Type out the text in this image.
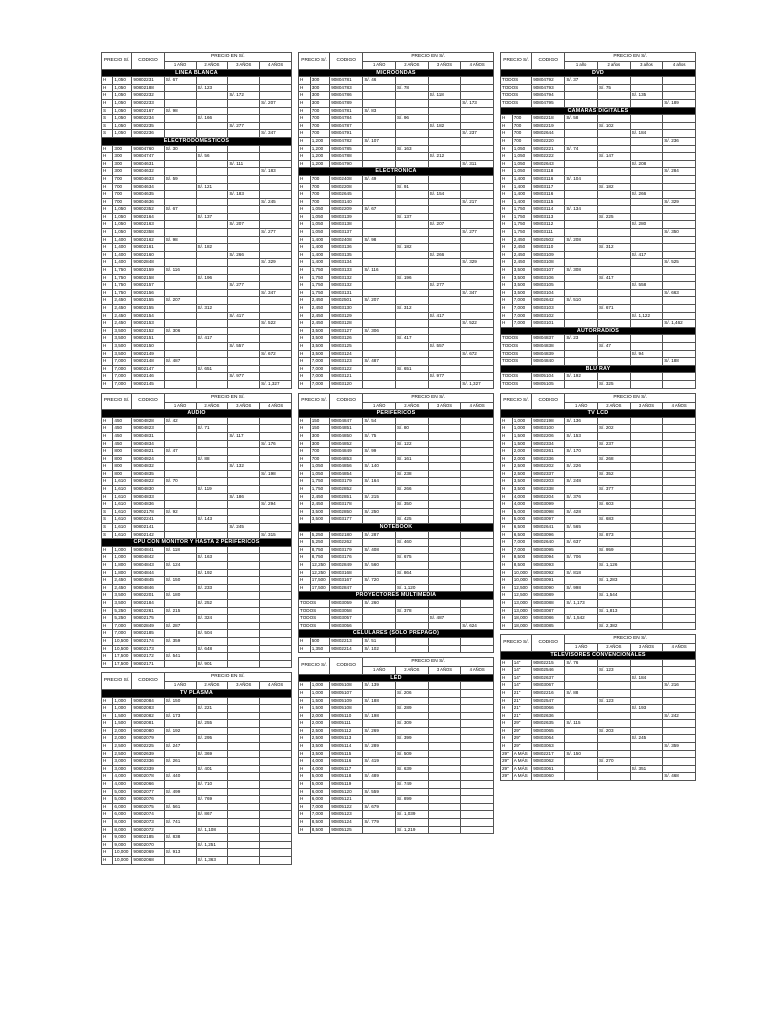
PRECIO S/.		CODIGO	PRECIO EN S/.			
			1 AÑO	2 AÑOS	3 AÑOS	4 AÑOS
LÍNEA BLANCA						
H	1,050	90802231	S/. 67			
H	1,050	90802188		S/. 123		
H	1,050	90802232			S/. 172	
H	1,050	90802233				S/. 207
S	1,050	90802167	S/. 98			
S	1,050	90802234		S/. 166		
S	1,050	90802235			S/. 277	
S	1,050	90802236				S/. 347
ELECTRODOMÉSTICOS						
H	300	90804760	S/. 30			
H	300	90804747		S/. 56		
H	300	90804631			S/. 111	
H	300	90804632				S/. 183
H	700	90804633	S/. 59			
H	700	90804634		S/. 121		
H	700	90804635			S/. 183	
H	700	90804636				S/. 245
H	1,050	90802352	S/. 67			
H	1,050	90802164		S/. 137		
H	1,050	90802163			S/. 207	
H	1,050	90802358				S/. 277
H	1,400	90802162	S/. 98			
H	1,400	90802161		S/. 182		
H	1,400	90802160			S/. 266	
H	1,400	90802848				S/. 329
H	1,750	90802159	S/. 116			
H	1,750	90802158		S/. 196		
H	1,750	90802157			S/. 277	
H	1,750	90802156				S/. 347
H	2,450	90802155	S/. 207			
H	2,450	90802155		S/. 312		
H	2,450	90802154			S/. 417	
H	2,450	90802153				S/. 522
H	3,500	90802152	S/. 306			
H	3,500	90802151		S/. 417		
H	3,500	90802150			S/. 557	
H	3,500	90802149				S/. 672
H	7,000	90802148	S/. 487			
H	7,000	90802147		S/. 651		
H	7,000	90802146			S/. 977	
H	7,000	90802145				S/. 1,327
PRECIO S/.		CODIGO	PRECIO EN S/.			
			1 AÑO	2 AÑOS	3 AÑOS	4 AÑOS
AUDIO						
H	450	90804828	S/. 42			
H	450	90804823		S/. 71		
H	450	90804831			S/. 117	
H	450	90804834				S/. 176
H	800	90804821	S/. 47			
H	800	90804824		S/. 88		
H	800	90804832			S/. 132	
H	800	90804835				S/. 198
H	1,610	90804822	S/. 70			
H	1,610	90804830		S/. 119		
H	1,610	90804833			S/. 186	
H	1,610	90804836				S/. 294
S	1,610	90802178	S/. 92			
S	1,610	90802241		S/. 143		
S	1,610	90802141			S/. 245	
S	1,610	90802142				S/. 315
CPU CON MONITOR Y HASTA 2 PERIFÉRICOS						
H	1,000	90804841	S/. 118			
H	1,000	90804842		S/. 163		
H	1,800	90804843	S/. 124			
H	1,800	90804844		S/. 192		
H	2,450	90804845	S/. 150			
H	2,450	90804846		S/. 233		
H	3,500	90802201	S/. 180			
H	3,500	90802184		S/. 252		
H	5,250	90802261	S/. 215			
H	5,250	90802175		S/. 324		
H	7,000	90802849	S/. 287			
H	7,000	90802185		S/. 504		
H	10,500	90802174	S/. 359			
H	10,500	90802173		S/. 648		
H	17,500	90802172	S/. 541			
H	17,500	90802171		S/. 901		
PRECIO S/.		CODIGO	PRECIO EN S/.			
			1 AÑO	2 AÑOS	3 AÑOS	4 AÑOS
TV PLASMA						
H	1,000	90802084	S/. 150			
H	1,000	90802083		S/. 221		
H	1,500	90802082	S/. 173			
H	1,500	90802081		S/. 255		
H	2,000	90802080	S/. 192			
H	2,000	90802079		S/. 295		
H	2,500	90802225	S/. 247			
H	2,500	90802639		S/. 369		
H	3,000	90802336	S/. 261			
H	3,000	90802339		S/. 401		
H	4,000	90802078	S/. 440			
H	4,000	90802066		S/. 710		
H	5,000	90802077	S/. 499			
H	5,000	90802076		S/. 769		
H	6,000	90802075	S/. 561			
H	6,000	90802074		S/. 867		
H	8,000	90802073	S/. 741			
H	8,000	90802072		S/. 1,108		
H	9,000	90802185	S/. 838			
H	9,000	90802070		S/. 1,251		
H	10,000	90802069	S/. 913			
H	10,000	90802068		S/. 1,363		
PRECIO S/.		CODIGO	PRECIO EN S/.			
			1 AÑO	2 AÑOS	3 AÑOS	4 AÑOS
MICROONDAS						
H	300	90804781	S/. 46			
H	300	90804783		S/. 78		
H	300	90804786			S/. 118	
H	300	90804789				S/. 173
H	700	90804781	S/. 83			
H	700	90804784		S/. 96		
H	700	90804787			S/. 182	
H	700	90804791				S/. 237
H	1,200	90804782	S/. 107			
H	1,200	90804785		S/. 163		
H	1,200	90804788			S/. 212	
H	1,200	90804790				S/. 311
ELECTRÓNICA						
H	700	90802408	S/. 49			
H	700	90802208		S/. 91		
H	700	90802645			S/. 154	
H	700	90803140				S/. 217
H	1,050	90802209	S/. 67			
H	1,050	90803139		S/. 137		
H	1,050	90803138			S/. 207	
H	1,050	90803137				S/. 277
H	1,400	90802408	S/. 98			
H	1,400	90803136		S/. 182		
H	1,400	90803135			S/. 266	
H	1,400	90803134				S/. 329
H	1,750	90803133	S/. 116			
H	1,750	90803132		S/. 196		
H	1,750	90803132			S/. 277	
H	1,750	90803131				S/. 347
H	2,450	90802501	S/. 207			
H	2,450	90803130		S/. 312		
H	2,450	90803129			S/. 417	
H	2,450	90803128				S/. 522
H	3,500	90803127	S/. 306			
H	3,500	90803126		S/. 417		
H	3,500	90803125			S/. 557	
H	3,500	90803124				S/. 672
H	7,000	90803123	S/. 487			
H	7,000	90803122		S/. 651		
H	7,000	90803121			S/. 977	
H	7,000	90803120				S/. 1,327
PRECIO S/.		CODIGO	PRECIO EN S/.			
			1 AÑO	2 AÑOS	3 AÑOS	4 AÑOS
PERIFÉRICOS						
H	150	90804847	S/. 54			
H	150	90804851		S/. 80		
H	300	90804850	S/. 75			
H	300	90804852		S/. 122		
H	700	90804849	S/. 99			
H	700	90804853		S/. 161		
H	1,050	90804856	S/. 140			
H	1,050	90804854		S/. 238		
H	1,750	90803179	S/. 164			
H	1,750	90802852		S/. 266		
H	2,450	90802851	S/. 215			
H	2,450	90803178		S/. 350		
H	3,500	90802850	S/. 250			
H	3,500	90803177		S/. 425		
NOTEBOOK						
H	5,250	90802180	S/. 287			
H	5,250	90802262		S/. 460		
H	8,750	90803179	S/. 408			
H	8,750	90803176		S/. 675		
H	12,250	90802849	S/. 560			
H	12,250	90803168		S/. 864		
H	17,500	90803167	S/. 720			
H	17,500	90802847		S/. 1,120		
PROYECTORES MULTIMEDIA						
TODOS		90803059	S/. 260			
TODOS		90803058		S/. 378		
TODOS		90803057			S/. 487	
TODOS		90803056				S/. 624
CELULARES (SÓLO PREPAGO)						
H	500	90802213	S/. 51			
H	1,350	90802214	S/. 102			
PRECIO S/.		CODIGO	PRECIO EN S/.			
			1 AÑO	2 AÑOS	3 AÑOS	4 AÑOS
LED						
H	1,000	90805108	S/. 139			
H	1,000	90805107		S/. 206		
H	1,500	90805109	S/. 188			
H	1,500	90805108		S/. 289		
H	2,000	90805110	S/. 198			
H	2,000	90805111		S/. 309		
H	2,500	90805112	S/. 269			
H	2,500	90805113		S/. 399		
H	3,500	90805114	S/. 289			
H	3,500	90805115		S/. 509		
H	4,000	90805116	S/. 419			
H	4,000	90805117		S/. 639		
H	5,000	90805118	S/. 489			
H	5,000	90805119		S/. 749		
H	6,000	90805120	S/. 559			
H	6,000	90805121		S/. 899		
H	7,000	90805122	S/. 679			
H	7,000	90805123		S/. 1,039		
H	8,500	90805124	S/. 779			
H	8,500	90805125		S/. 1,219		
PRECIO S/.		CODIGO	PRECIO EN S/.			
			1 año	2 años	3 años	4 años
DVD						
TODOS		90804792	S/. 37			
TODOS		90804793		S/. 75		
TODOS		90804794			S/. 135	
TODOS		90804795				S/. 189
CÁMARAS DIGITALES						
H	700	90802218	S/. 58			
H	700	90802219		S/. 102		
H	700	90802644			S/. 184	
H	700	90802220				S/. 236
H	1,050	90802221	S/. 74			
H	1,050	90802222		S/. 147		
H	1,050	90802643			S/. 208	
H	1,050	90803118				S/. 284
H	1,400	90803116	S/. 104			
H	1,400	90803117		S/. 182		
H	1,400	90803116			S/. 266	
H	1,400	90803115				S/. 329
H	1,750	90803114	S/. 134			
H	1,750	90803113		S/. 225		
H	1,750	90803112			S/. 280	
H	1,750	90803111				S/. 350
H	2,450	90802502	S/. 208			
H	2,450	90803110		S/. 312		
H	2,450	90803109			S/. 417	
H	2,450	90803108				S/. 525
H	3,500	90803107	S/. 308			
H	3,500	90803106		S/. 417		
H	3,500	90803105			S/. 558	
H	3,500	90803104				S/. 663
H	7,000	90802642	S/. 510			
H	7,000	90803103		S/. 671		
H	7,000	90803102			S/. 1,122	
H	7,000	90803101				S/. 1,462
AUTORRADIOS						
TODOS		90804837	S/. 23			
TODOS		90804838		S/. 47		
TODOS		90804839			S/. 94	
TODOS		90804840				S/. 188
BLU RAY						
TODOS		90805104	S/. 192			
TODOS		90805105		S/. 325		
PRECIO S/.		CODIGO	PRECIO EN S/.			
			1 AÑO	2 AÑOS	3 AÑOS	4 AÑOS
TV LCD						
H	1,000	90802198	S/. 136			
H	1,000	90803100		S/. 202		
H	1,500	90802206	S/. 153			
H	1,500	90802334		S/. 237		
H	2,000	90802261	S/. 170			
H	2,000	90802336		S/. 268		
H	2,500	90802202	S/. 226			
H	2,500	90802337		S/. 352		
H	3,500	90802203	S/. 248			
H	3,500	90802338		S/. 377		
H	4,000	90802204	S/. 376			
H	4,000	90803099		S/. 603		
H	5,000	90803098	S/. 428			
H	5,000	90803097		S/. 683		
H	6,500	90802641	S/. 565			
H	6,500	90803096		S/. 873		
H	7,000	90802640	S/. 637			
H	7,000	90803095		S/. 959		
H	8,500	90803094	S/. 706			
H	8,500	90803093		S/. 1,126		
H	10,000	90803092	S/. 818			
H	10,000	90803091		S/. 1,283		
H	12,500	90803090	S/. 998			
H	12,500	90803089		S/. 1,544		
H	13,000	90803088	S/. 1,173			
H	13,000	90803087		S/. 1,813		
H	18,000	90803086	S/. 1,542			
H	18,000	90803085		S/. 2,382		
PRECIO S/.		CODIGO	PRECIO EN S/.			
			1 AÑO	2 AÑOS	3 AÑOS	4 AÑOS
TELEVISORES CONVENCIONALES						
H	14"	90802215	S/. 76			
H	14"	90802546		S/. 123		
H	14"	90802637			S/. 184	
H	14"	90803067				S/. 216
H	21"	90802216	S/. 88			
H	21"	90802547		S/. 123		
H	21"	90803066			S/. 193	
H	21"	90802636				S/. 242
H	29"	90802635	S/. 115			
H	29"	90803065		S/. 203		
H	29"	90803064			S/. 245	
H	29"	90803063				S/. 359
29"	A MÁS	90802217	S/. 150			
29"	A MÁS	90803062		S/. 270		
29"	A MÁS	90803061			S/. 351	
29"	A MÁS	90803060				S/. 468
